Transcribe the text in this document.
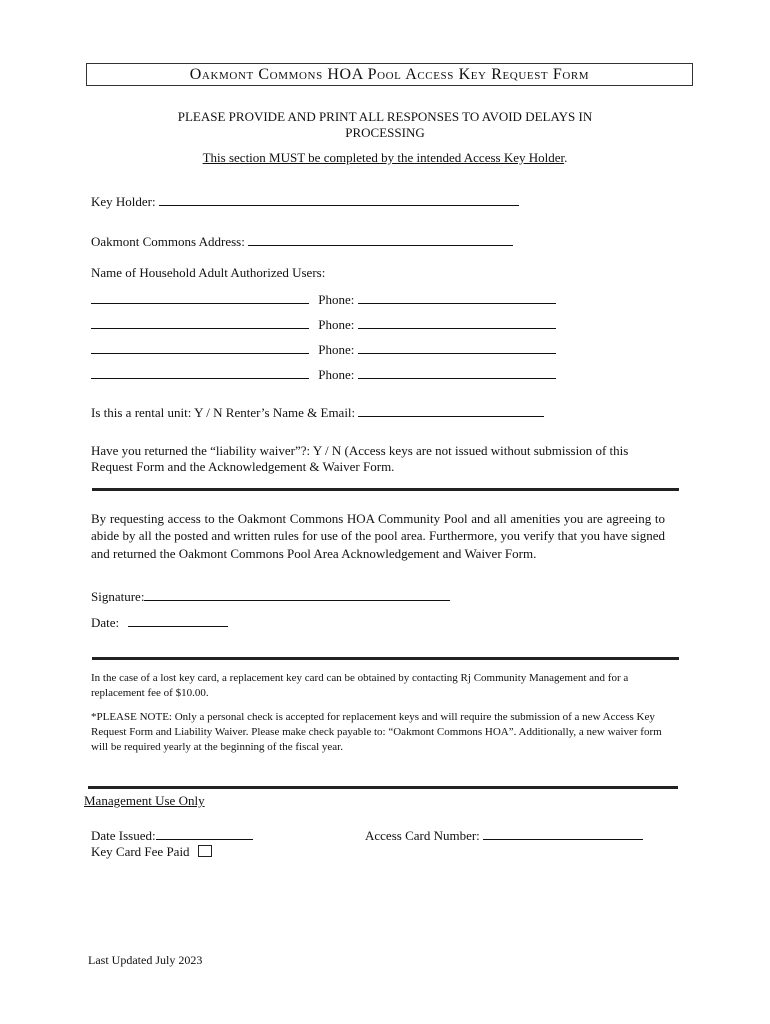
Oakmont Commons HOA Pool Access Key Request Form
PLEASE PROVIDE AND PRINT ALL RESPONSES TO AVOID DELAYS IN
PROCESSING
This section MUST be completed by the intended Access Key Holder.
Key Holder:
Oakmont Commons Address:
Name of Household Adult Authorized Users:
Phone:
Phone:
Phone:
Phone:
Is this a rental unit: Y / N Renter’s Name & Email:
Have you returned the “liability waiver”?: Y / N (Access keys are not issued without submission of this
Request Form and the Acknowledgement & Waiver Form.
By requesting access to the Oakmont Commons HOA Community Pool and all amenities you are agreeing to abide by all the posted and written rules for use of the pool area. Furthermore, you verify that you have signed and returned the Oakmont Commons Pool Area Acknowledgement and Waiver Form.
Signature:
Date:
In the case of a lost key card, a replacement key card can be obtained by contacting Rj Community Management and for a replacement fee of $10.00.
*PLEASE NOTE: Only a personal check is accepted for replacement keys and will require the submission of a new Access Key Request Form and Liability Waiver. Please make check payable to: “Oakmont Commons HOA”. Additionally, a new waiver form will be required yearly at the beginning of the fiscal year.
Management Use Only
Date Issued:	Access Card Number:
Key Card Fee Paid
Last Updated July 2023
